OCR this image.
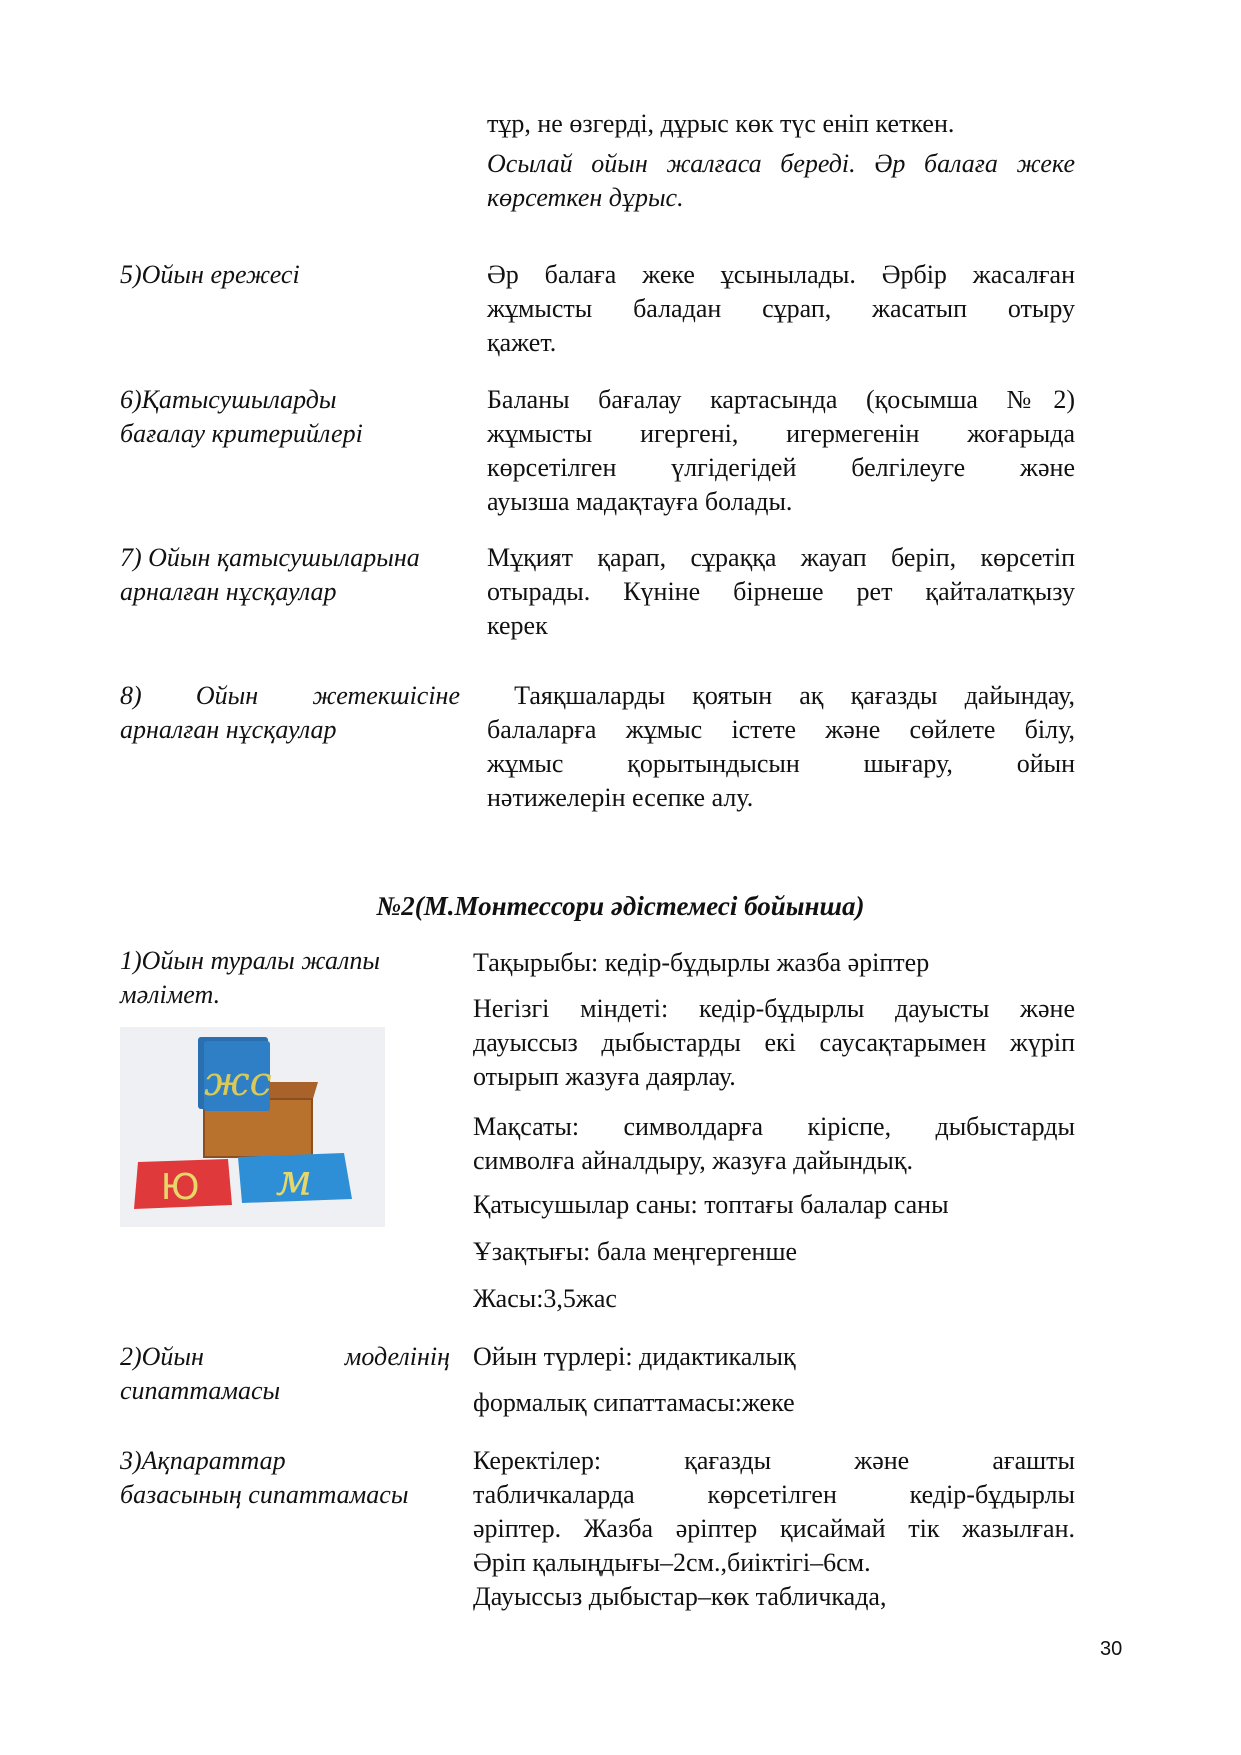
тұр, не өзгерді, дұрыс көк түс еніп кеткен.

Осылай ойын жалғаса береді. Әр балаға жеке
көрсеткен дұрыс.
5)Ойын ережесі	Әр балаға жеке ұсынылады. Әрбір жасалған
жұмысты баладан сұрап, жасатып отыру
қажет.
6)Қатысушыларды
бағалау критерийлері
Баланы бағалау картасында (қосымша №2)
жұмысты игергені, игермегенін жоғарыда
көрсетілген үлгідегідей белгілеуге және
ауызша мадақтауға болады.
7) Ойын қатысушыларына
арналған нұсқаулар
Мұқият қарап, сұраққа жауап беріп, көрсетіп
отырады. Күніне бірнеше рет қайталатқызу
керек
8) Ойын жетекшісіне
арналған нұсқаулар
Таяқшаларды қоятын ақ қағазды дайындау,
балаларға жұмыс істете және сөйлете білу,
жұмыс қорытындысын шығару, ойын
нәтижелерін есепке алу.
№2(М.Монтессори әдістемесі бойынша)
1)Ойын туралы жалпы
мәлімет.
жс
Ю м

Тақырыбы: кедір-бұдырлы жазба әріптер

Негізгі міндеті: кедір-бұдырлы дауысты және
дауыссыз дыбыстарды екі саусақтарымен жүріп
отырып жазуға даярлау.
Мақсаты: символдарға кіріспе, дыбыстарды
символға айналдыру, жазуға дайындық.

Қатысушылар саны: топтағы балалар саны

Ұзақтығы: бала меңгергенше

Жасы:3,5жас

2)Ойын моделінің
сипаттамасы

Ойын түрлері: дидактикалық

формалық сипаттамасы:жеке

3)Ақпараттар
базасының сипаттамасы
Керектілер: қағазды және ағашты
табличкаларда көрсетілген кедір-бұдырлы
әріптер. Жазба әріптер қисаймай тік жазылған.
Әріп қалыңдығы–2см.,биіктігі–6см.
Дауыссыз дыбыстар–көк табличкада,
30
